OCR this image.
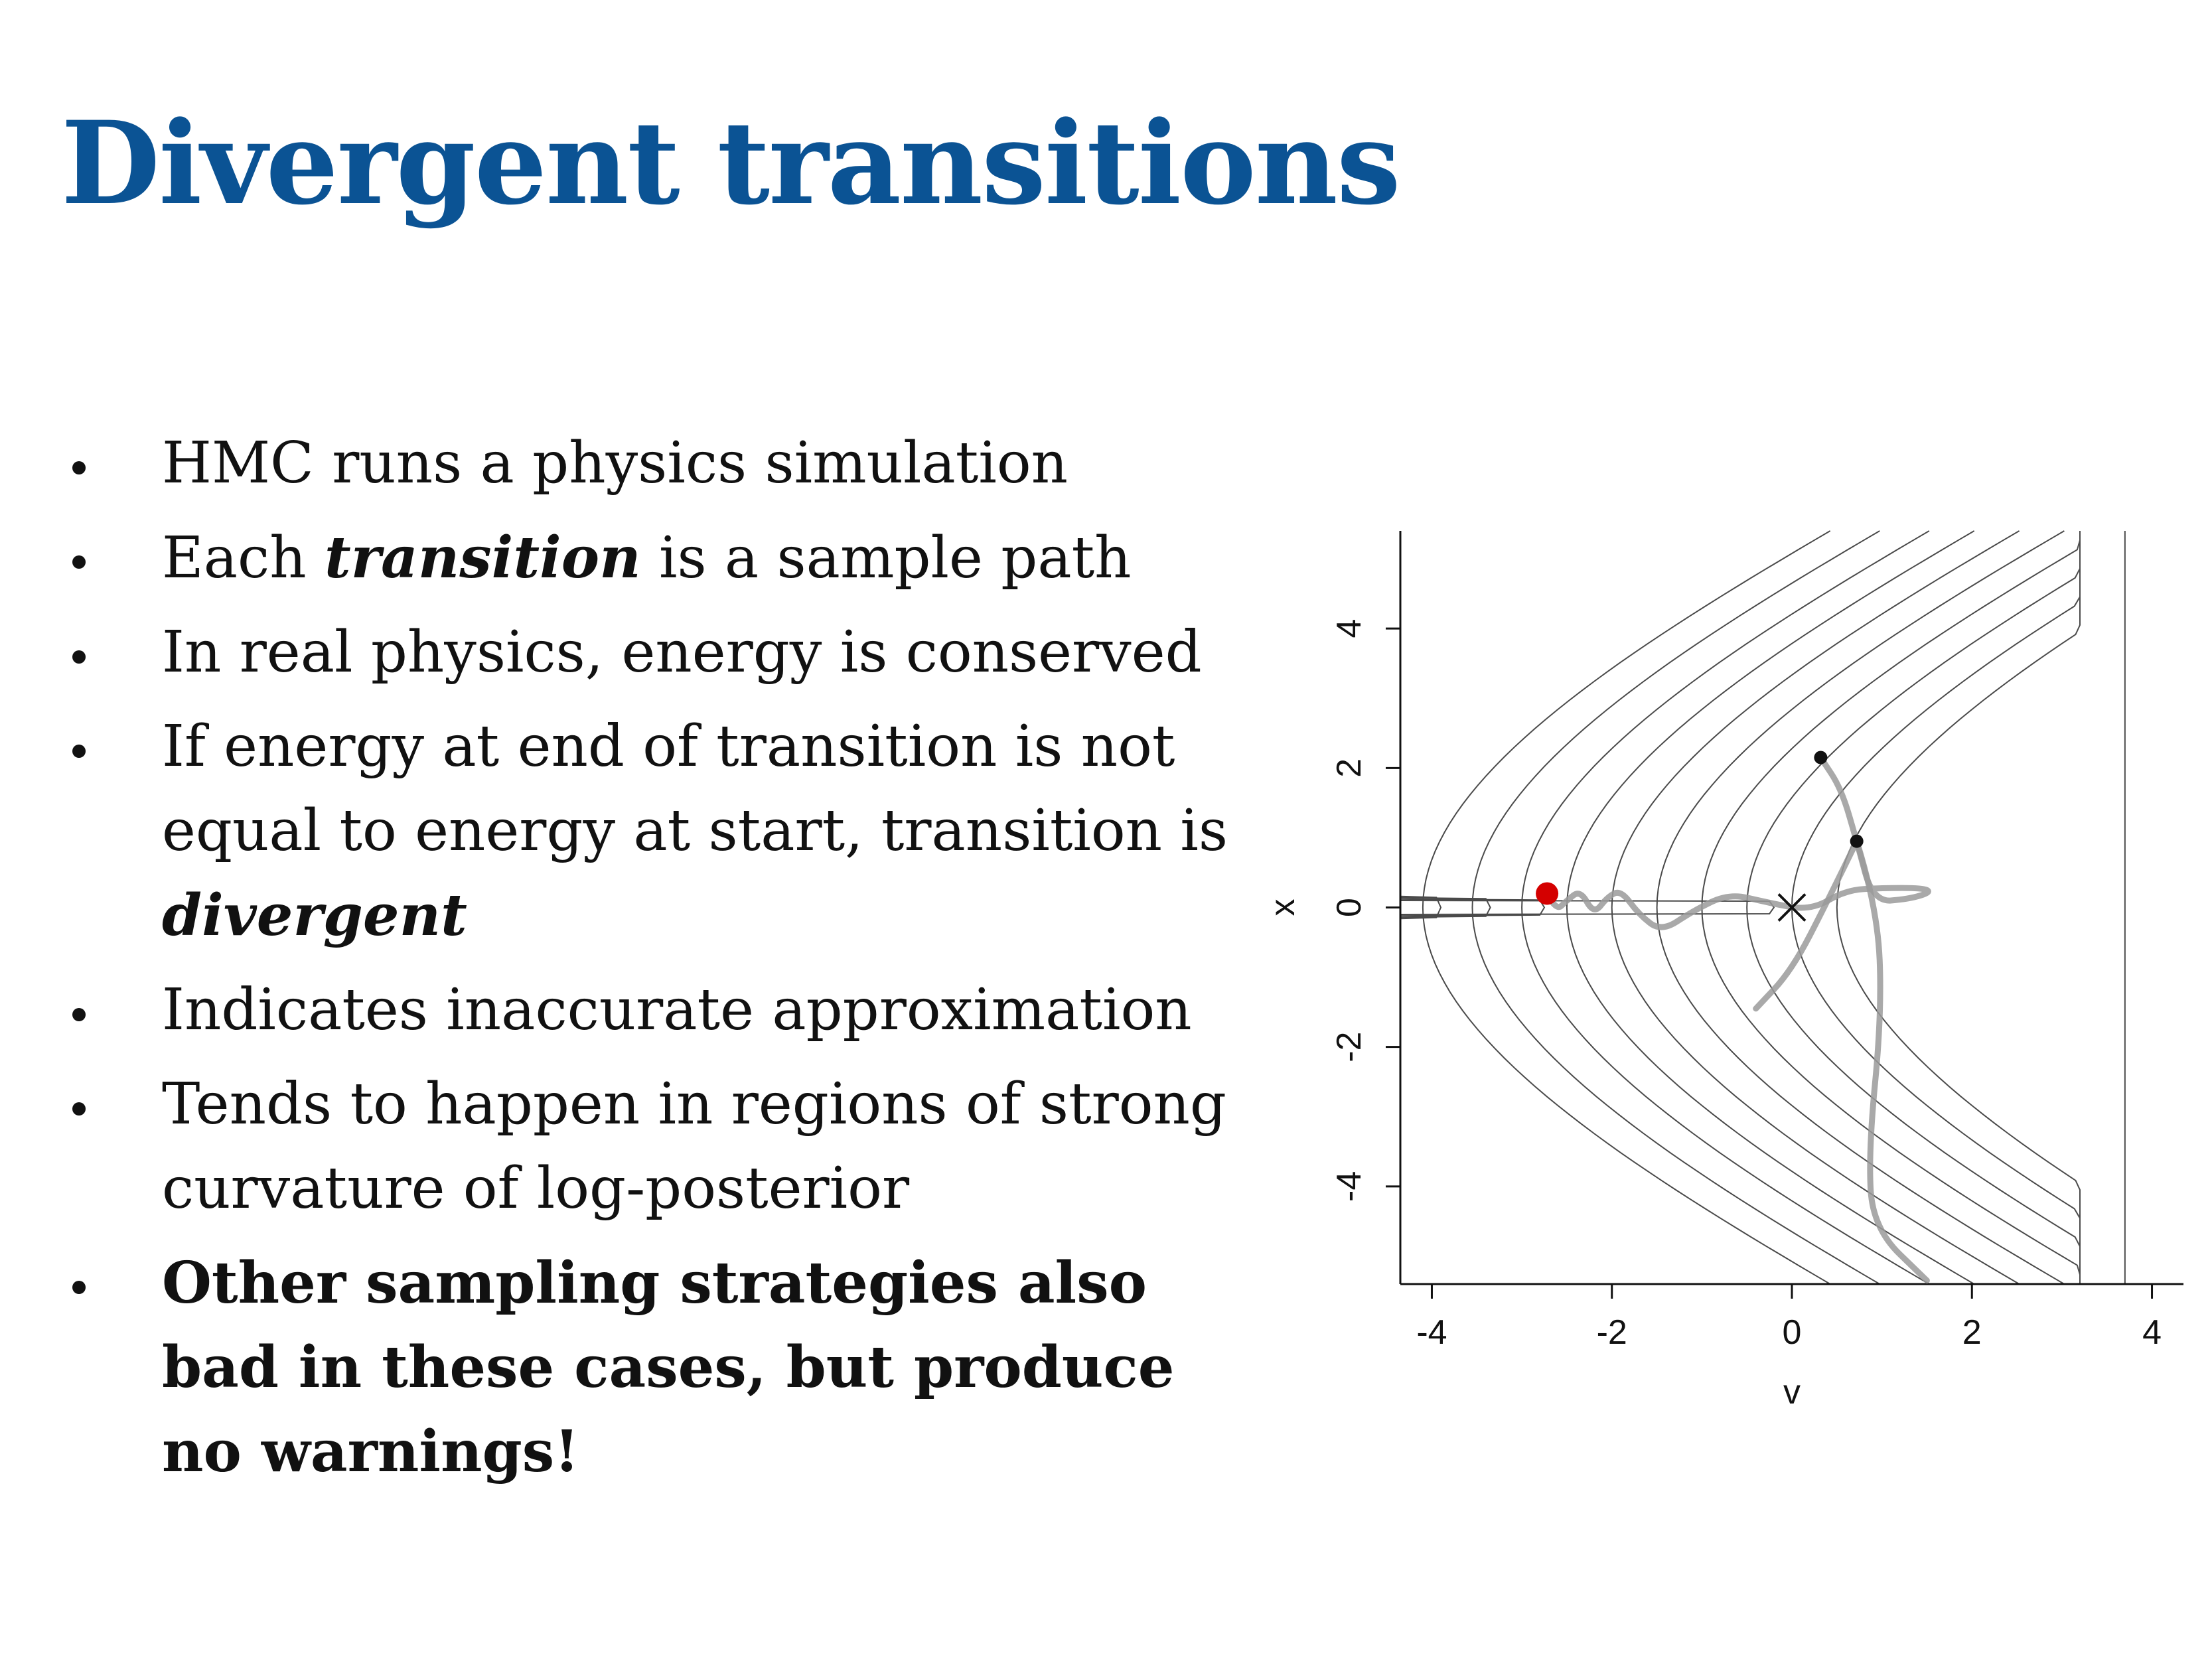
Divergent transitions
HMC runs a physics simulation
Each transition is a sample path
In real physics, energy is conserved
If energy at end of transition is not equal to energy at start, transition is divergent
Indicates inaccurate approximation
Tends to happen in regions of strong curvature of log-posterior
Other sampling strategies also bad in these cases, but produce no warnings!
-4	-2	0	2	4
-4
-2
0
2
4
v
x
